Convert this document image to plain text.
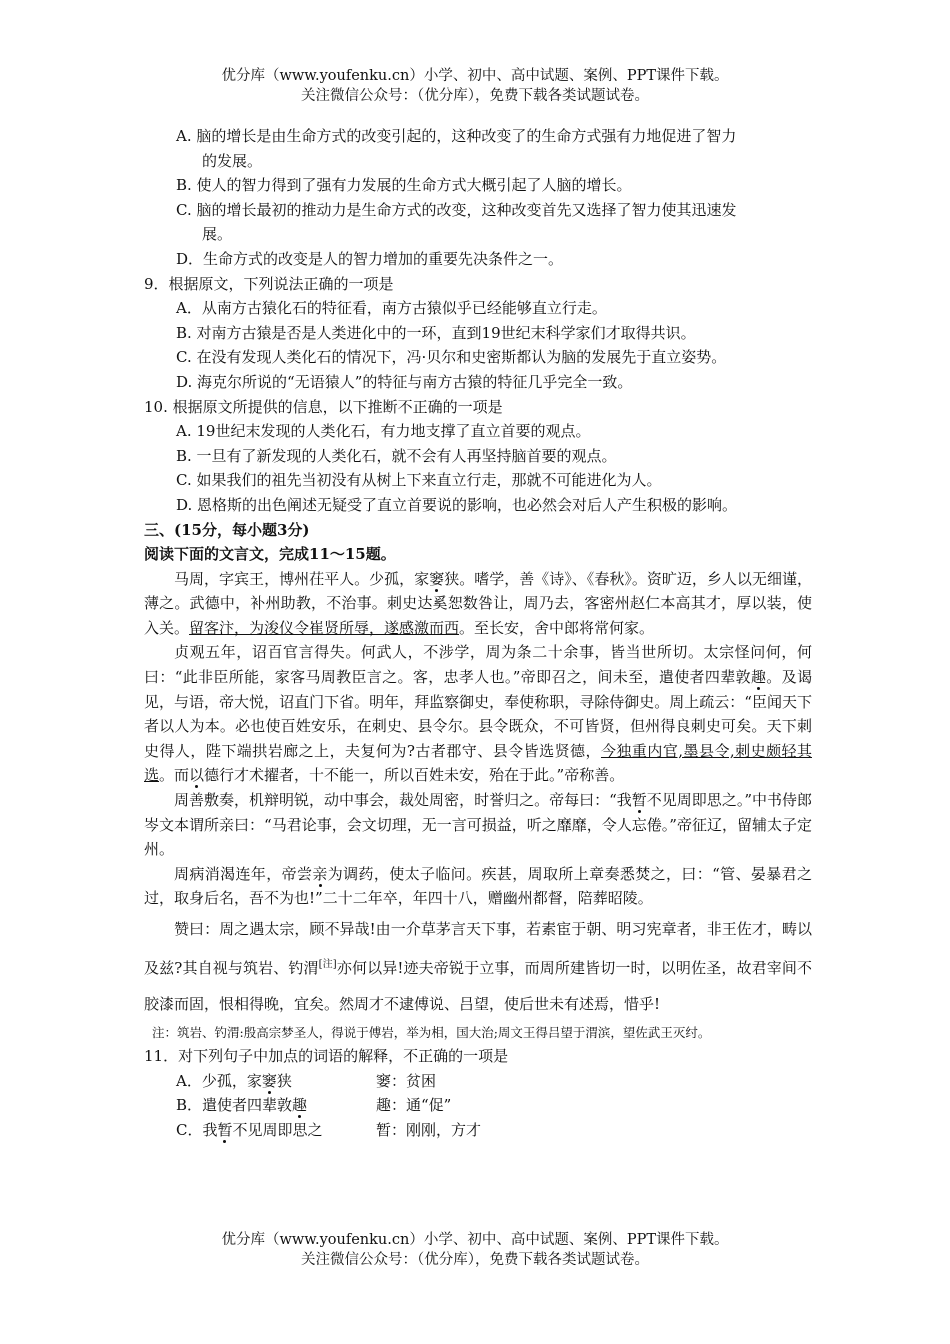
优分库（www.youfenku.cn）小学、初中、高中试题、案例、PPT课件下载。
关注微信公众号：（优分库），免费下载各类试题试卷。
A. 脑的增长是由生命方式的改变引起的，这种改变了的生命方式强有力地促进了智力
的发展。
B. 使人的智力得到了强有力发展的生命方式大概引起了人脑的增长。
C. 脑的增长最初的推动力是生命方式的改变，这种改变首先又选择了智力使其迅速发
展。
D．生命方式的改变是人的智力增加的重要先决条件之一。
9．根据原文，下列说法正确的一项是
A．从南方古猿化石的特征看，南方古猿似乎已经能够直立行走。
B. 对南方古猿是否是人类进化中的一环，直到19世纪末科学家们才取得共识。
C. 在没有发现人类化石的情况下，冯·贝尔和史密斯都认为脑的发展先于直立姿势。
D. 海克尔所说的“无语猿人”的特征与南方古猿的特征几乎完全一致。
10. 根据原文所提供的信息，以下推断不正确的一项是
A. 19世纪末发现的人类化石，有力地支撑了直立首要的观点。
B. 一旦有了新发现的人类化石，就不会有人再坚持脑首要的观点。
C. 如果我们的祖先当初没有从树上下来直立行走，那就不可能进化为人。
D. 恩格斯的出色阐述无疑受了直立首要说的影响，也必然会对后人产生积极的影响。
三、(15分，每小题3分)
阅读下面的文言文，完成11～15题。
马周，字宾王，博州茌平人。少孤，家窭狭。嗜学，善《诗》、《春秋》。资旷迈，乡人以无细谨，薄之。武德中，补州助教，不治事。刺史达奚恕数咎让，周乃去，客密州赵仁本高其才，厚以装，使入关。留客汴，为浚仪令崔贤所辱，遂感激而西。至长安，舍中郎将常何家。
贞观五年，诏百官言得失。何武人，不涉学，周为条二十余事，皆当世所切。太宗怪问何，何曰：“此非臣所能，家客马周教臣言之。客，忠孝人也。”帝即召之，间未至，遣使者四辈敦趣。及谒见，与语，帝大悦，诏直门下省。明年，拜监察御史，奉使称职，寻除侍御史。周上疏云：“臣闻天下者以人为本。必也使百姓安乐，在刺史、县令尔。县令既众，不可皆贤，但州得良刺史可矣。天下刺史得人，陛下端拱岩廊之上，夫复何为?古者郡守、县令皆选贤德，今独重内官,墨县令,刺史颇轻其选。而以德行才术擢者，十不能一，所以百姓未安，殆在于此。”帝称善。
周善敷奏，机辩明锐，动中事会，裁处周密，时誉归之。帝每曰：“我暂不见周即思之。”中书侍郎岑文本谓所亲曰：“马君论事，会文切理，无一言可损益，听之靡靡，令人忘倦。”帝征辽，留辅太子定州。
周病消渴连年，帝尝亲为调药，使太子临问。疾甚，周取所上章奏悉焚之，曰：“管、晏暴君之过，取身后名，吾不为也!”二十二年卒，年四十八，赠幽州都督，陪葬昭陵。
赞曰：周之遇太宗，顾不异哉!由一介草茅言天下事，若素宦于朝、明习宪章者，非王佐才，畴以及兹?其自视与筑岩、钓渭[注]亦何以异!迹夫帝锐于立事，而周所建皆切一时，以明佐圣，故君宰间不胶漆而固，恨相得晚，宜矣。然周才不逮傅说、吕望，使后世未有述焉，惜乎!
注：筑岩、钓渭:殷高宗梦圣人，得说于傅岩，举为相，国大治;周文王得吕望于渭滨，望佐武王灭纣。
11．对下列句子中加点的词语的解释，不正确的一项是
A．少孤，家窭狭	窭：贫困
B．遣使者四辈敦趣	趣：通“促”
C．我暂不见周即思之	暂：刚刚，方才
优分库（www.youfenku.cn）小学、初中、高中试题、案例、PPT课件下载。
关注微信公众号：（优分库），免费下载各类试题试卷。
